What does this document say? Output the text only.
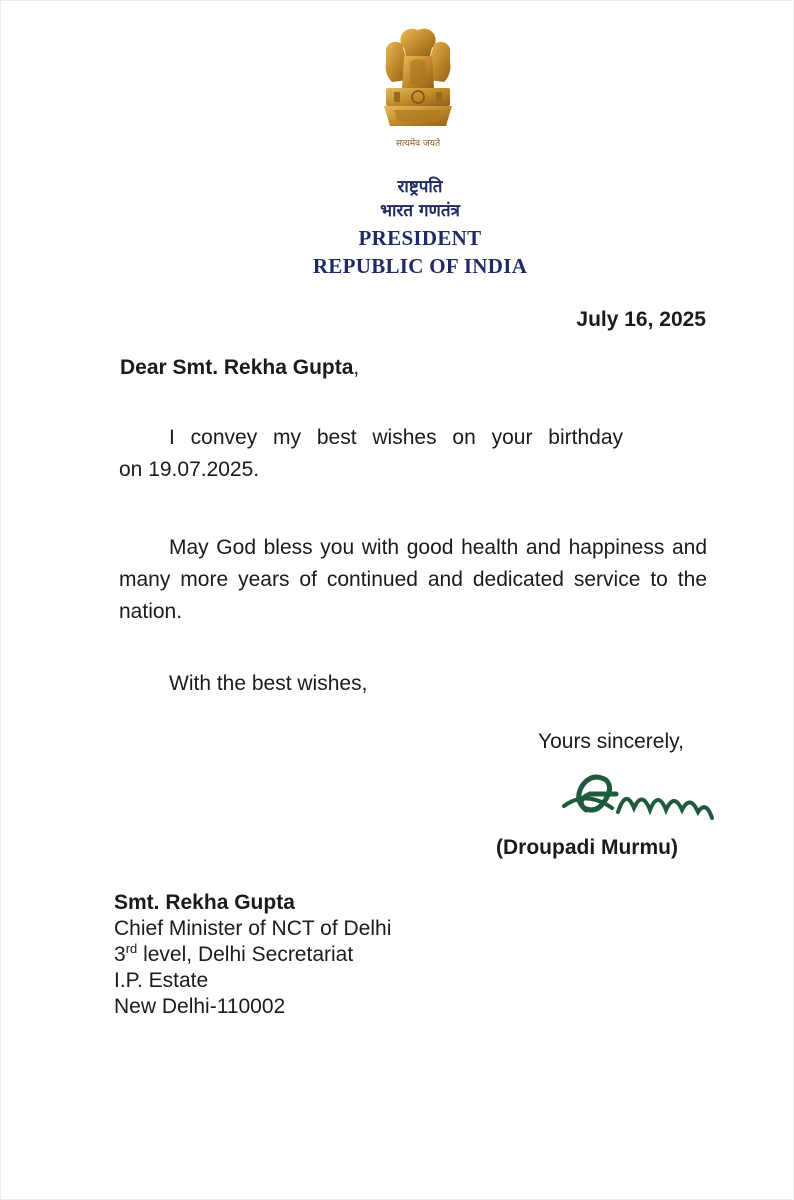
सत्यमेव जयते
राष्ट्रपति
भारत गणतंत्र
PRESIDENT
REPUBLIC OF INDIA
July 16, 2025
Dear Smt. Rekha Gupta,
I convey my best wishes on your birthday
on 19.07.2025.
May God bless you with good health and happiness and many more years of continued and dedicated service to the nation.
With the best wishes,
Yours sincerely,
(Droupadi Murmu)
Smt. Rekha Gupta
Chief Minister of NCT of Delhi
3rd level, Delhi Secretariat
I.P. Estate
New Delhi-110002
